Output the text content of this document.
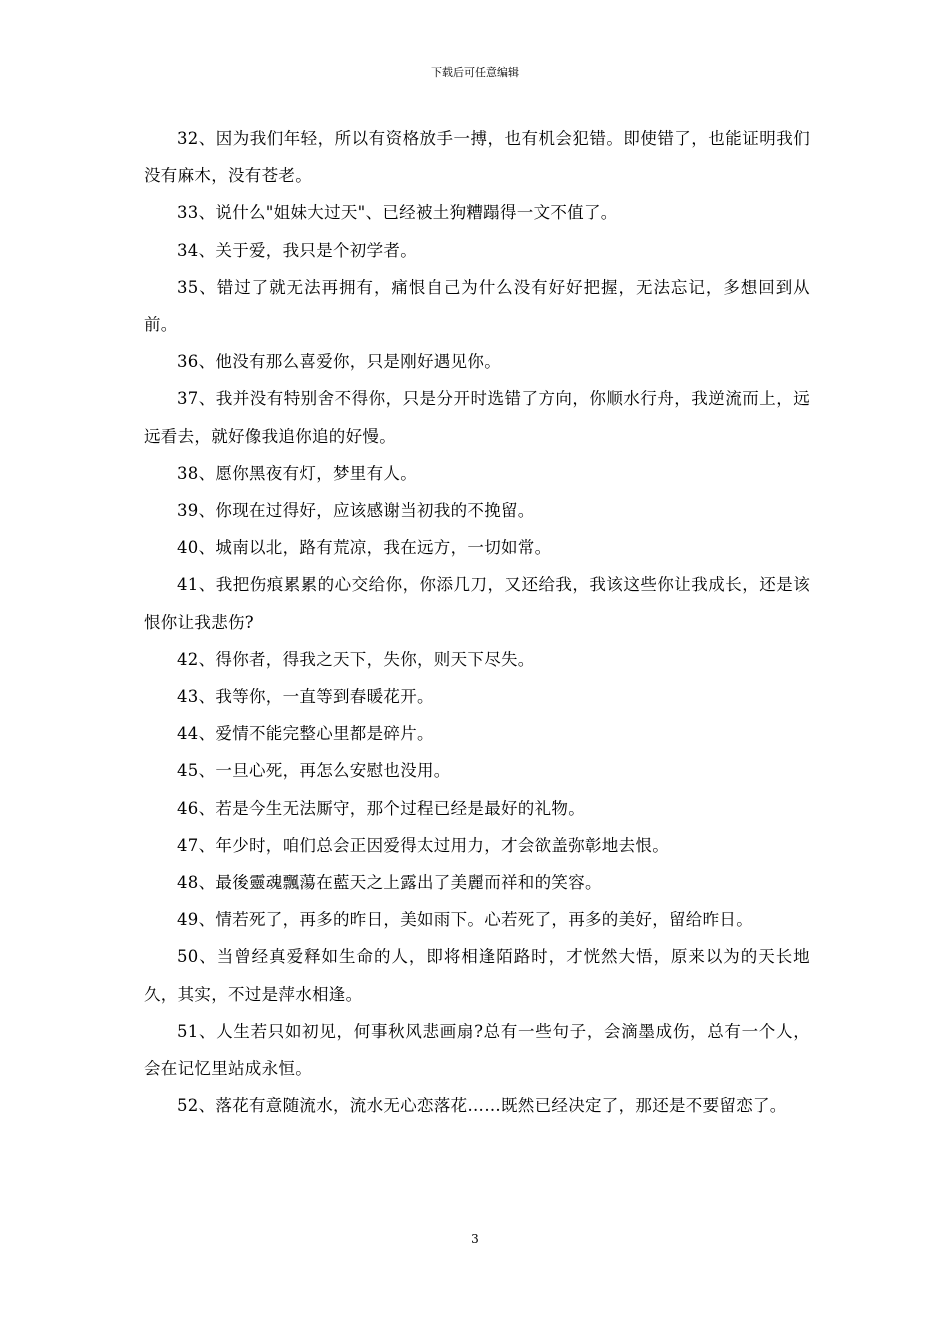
下载后可任意编辑

32、因为我们年轻，所以有资格放手一搏，也有机会犯错。即使错了，也能证明我们没有麻木，没有苍老。

33、说什么"姐妹大过天"、已经被土狗糟蹋得一文不值了。

34、关于爱，我只是个初学者。

35、错过了就无法再拥有，痛恨自己为什么没有好好把握，无法忘记，多想回到从前。

36、他没有那么喜爱你，只是刚好遇见你。

37、我并没有特别舍不得你，只是分开时选错了方向，你顺水行舟，我逆流而上，远远看去，就好像我追你追的好慢。

38、愿你黑夜有灯，梦里有人。

39、你现在过得好，应该感谢当初我的不挽留。

40、城南以北，路有荒凉，我在远方，一切如常。

41、我把伤痕累累的心交给你，你添几刀，又还给我，我该这些你让我成长，还是该恨你让我悲伤?

42、得你者，得我之天下，失你，则天下尽失。

43、我等你，一直等到春暖花开。

44、爱情不能完整心里都是碎片。

45、一旦心死，再怎么安慰也没用。

46、若是今生无法厮守，那个过程已经是最好的礼物。

47、年少时，咱们总会正因爱得太过用力，才会欲盖弥彰地去恨。

48、最後靈魂飄蕩在藍天之上露出了美麗而祥和的笑容。

49、情若死了，再多的昨日，美如雨下。心若死了，再多的美好，留给昨日。

50、当曾经真爱释如生命的人，即将相逢陌路时，才恍然大悟，原来以为的天长地久，其实，不过是萍水相逢。

51、人生若只如初见，何事秋风悲画扇?总有一些句子，会滴墨成伤，总有一个人，会在记忆里站成永恒。

52、落花有意随流水，流水无心恋落花……既然已经决定了，那还是不要留恋了。

3
